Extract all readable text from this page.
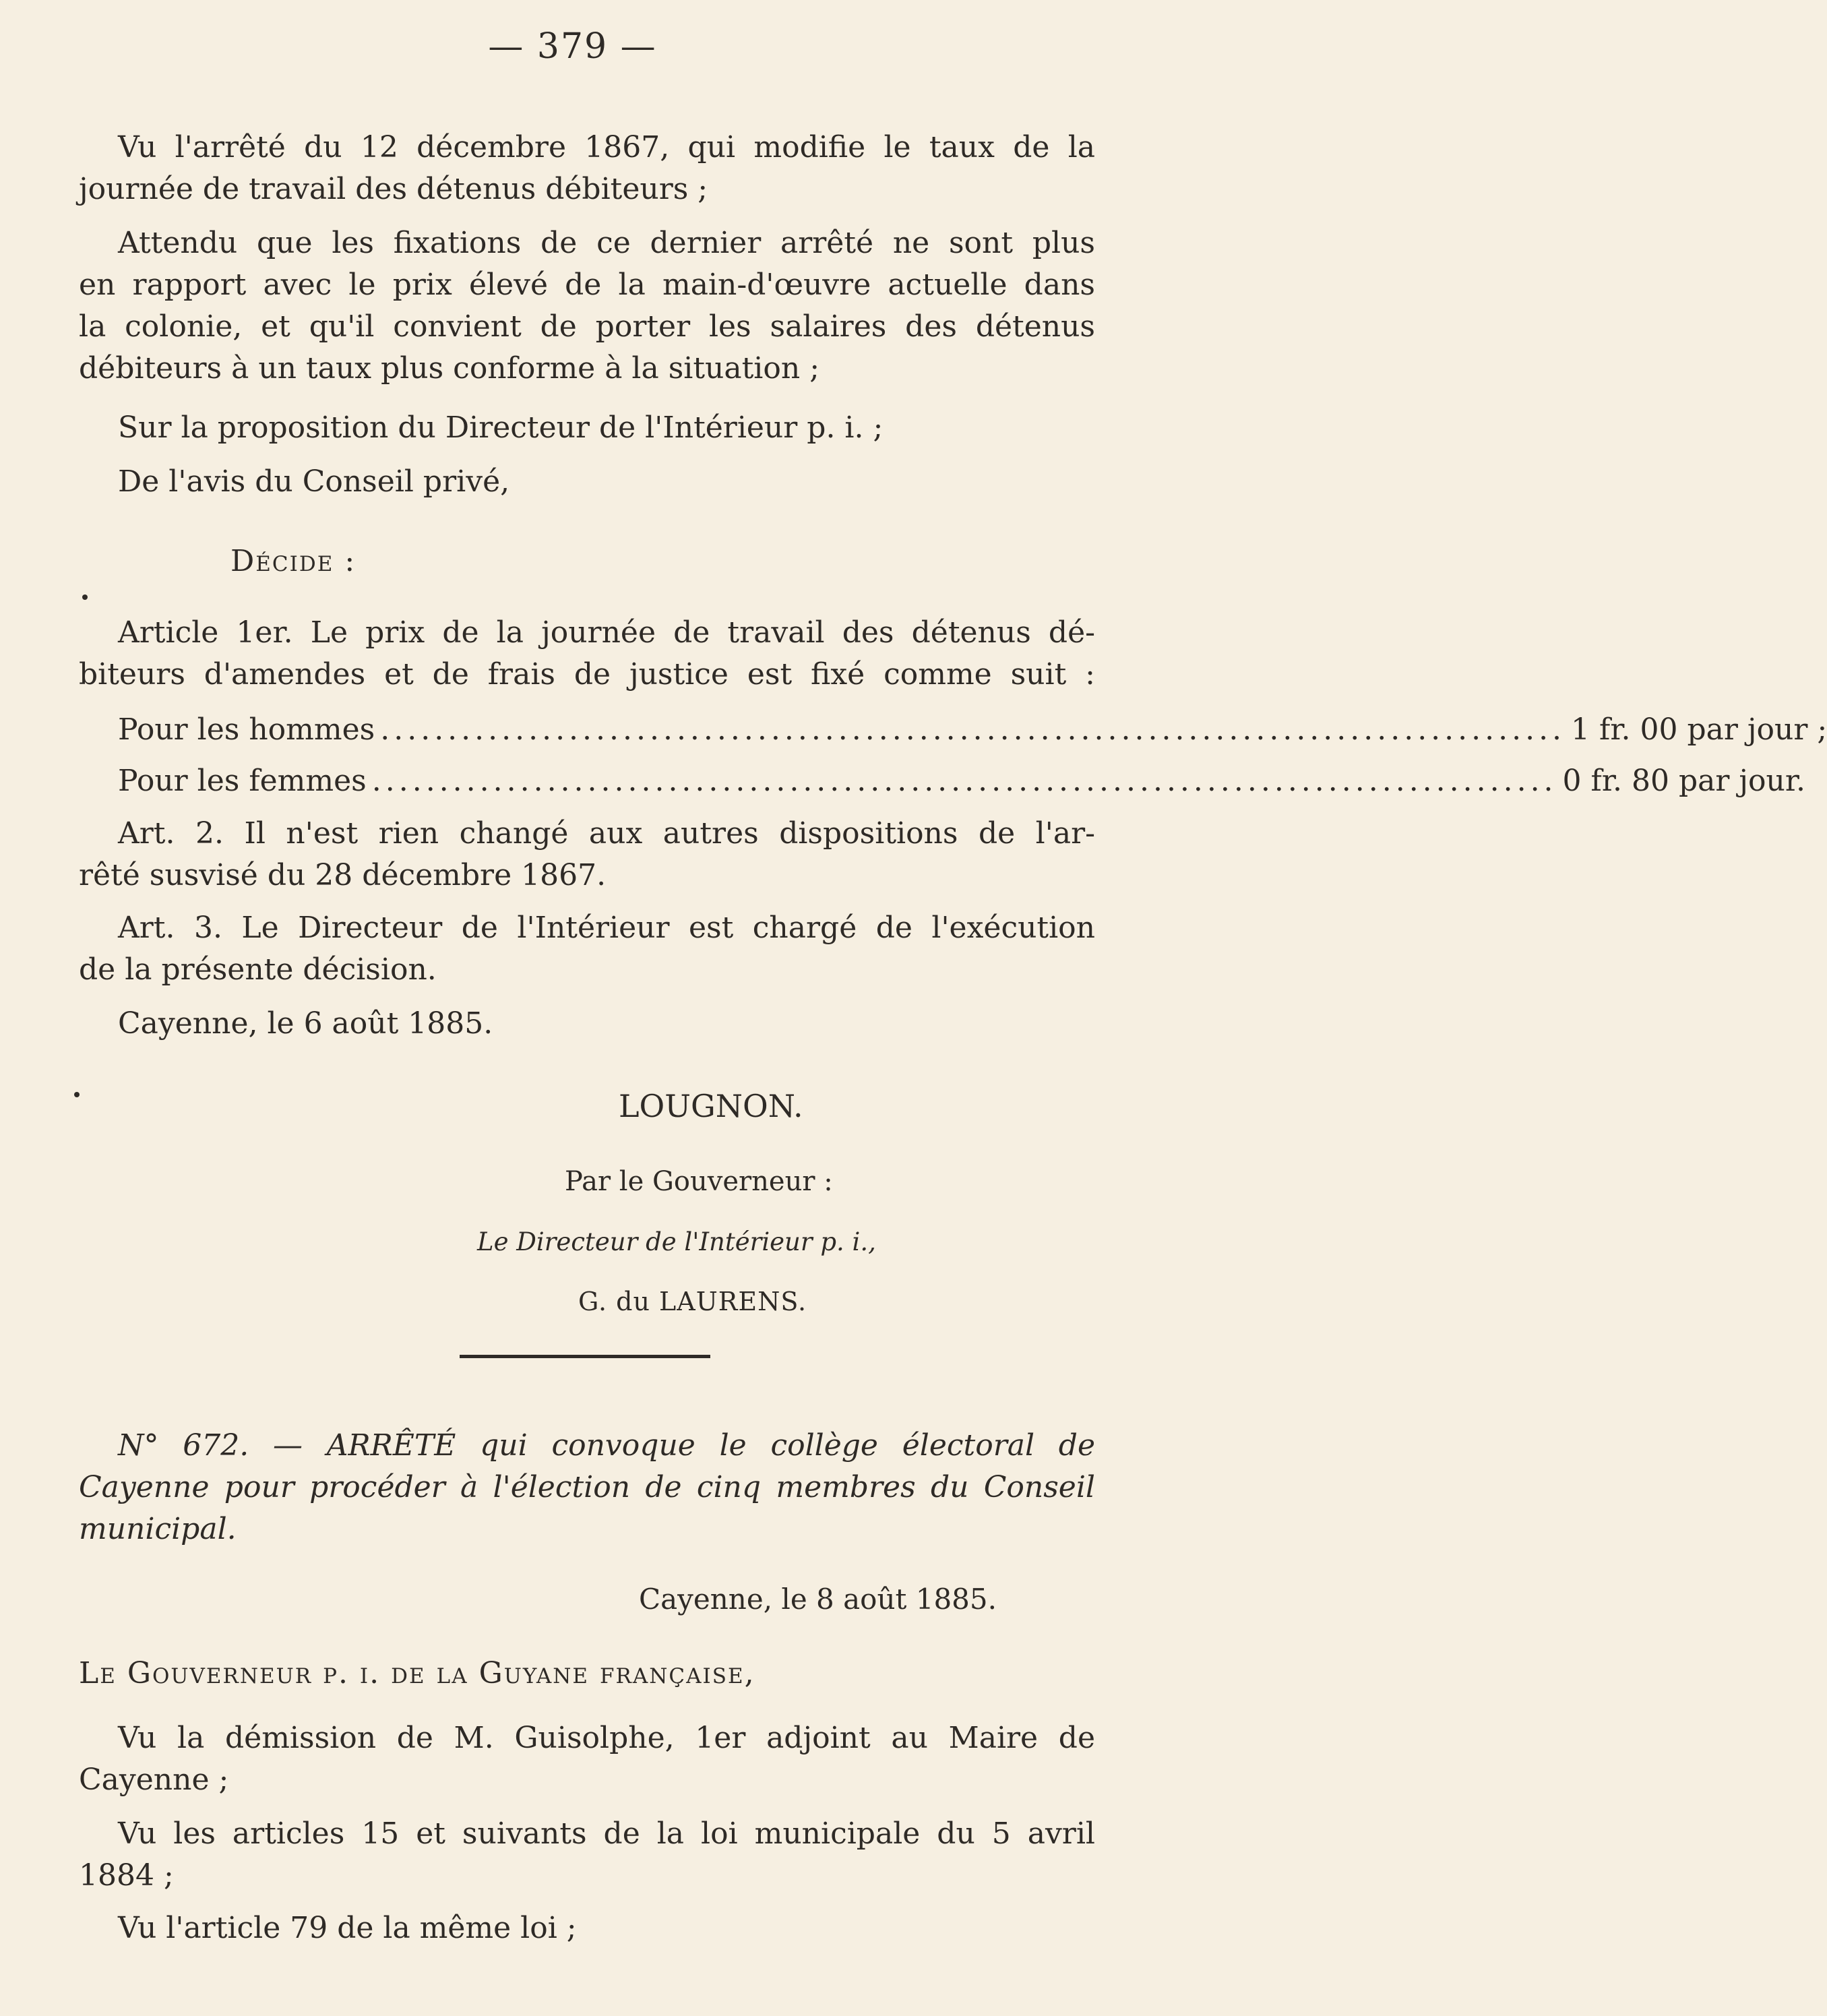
— 379 —
Vu l'arrêté du 12 décembre 1867, qui modifie le taux de la
journée de travail des détenus débiteurs ;
Attendu que les fixations de ce dernier arrêté ne sont plus
en rapport avec le prix élevé de la main-d'œuvre actuelle dans
la colonie, et qu'il convient de porter les salaires des détenus
débiteurs à un taux plus conforme à la situation ;
Sur la proposition du Directeur de l'Intérieur p. i. ;
De l'avis du Conseil privé,
Décide :
Article 1er. Le prix de la journée de travail des détenus dé-
biteurs d'amendes et de frais de justice est fixé comme suit :
Pour les hommes ........................................................................................ 1 fr. 00 par jour ;
Pour les femmes ........................................................................................ 0 fr. 80 par jour.
Art. 2. Il n'est rien changé aux autres dispositions de l'ar-
rêté susvisé du 28 décembre 1867.
Art. 3. Le Directeur de l'Intérieur est chargé de l'exécution
de la présente décision.
Cayenne, le 6 août 1885.
LOUGNON.
Par le Gouverneur :
Le Directeur de l'Intérieur p. i.,
G. du LAURENS.
N° 672. — ARRÊTÉ qui convoque le collège électoral de
Cayenne pour procéder à l'élection de cinq membres du Conseil
municipal.
Cayenne, le 8 août 1885.
Le Gouverneur p. i. de la Guyane française,
Vu la démission de M. Guisolphe, 1er adjoint au Maire de
Cayenne ;
Vu les articles 15 et suivants de la loi municipale du 5 avril
1884 ;
Vu l'article 79 de la même loi ;
